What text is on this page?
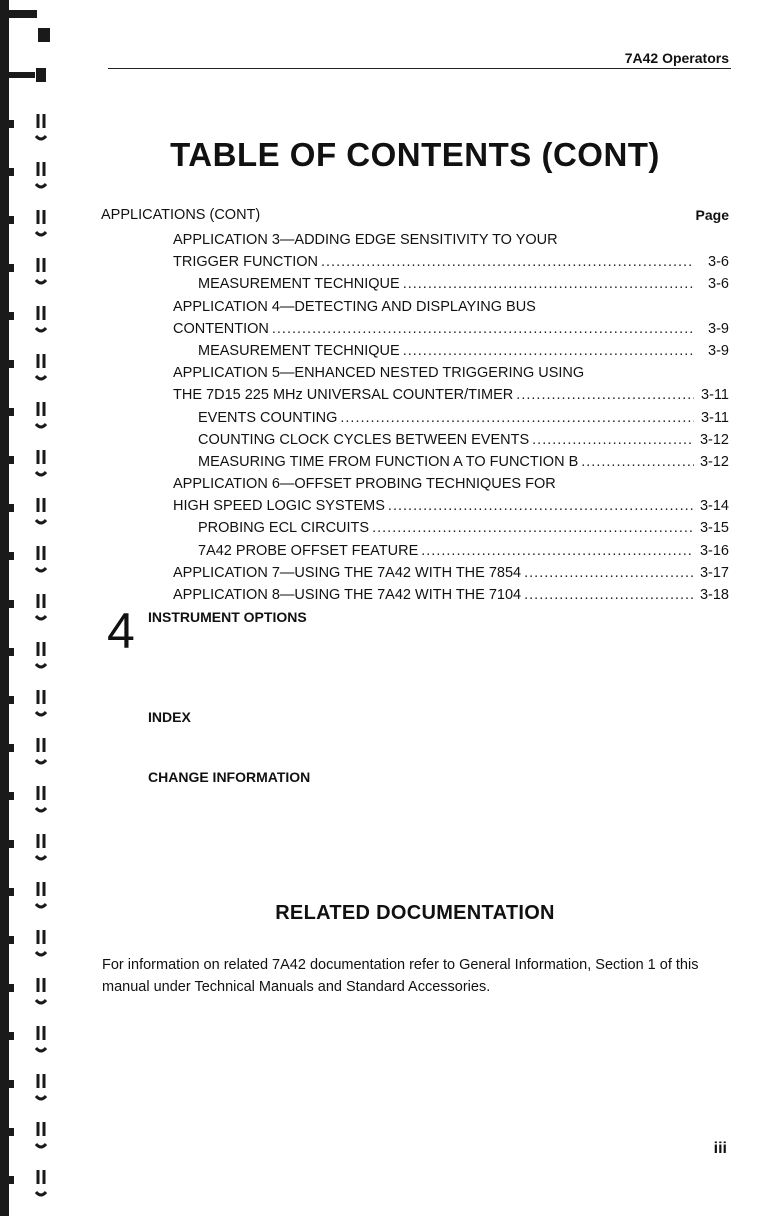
7A42 Operators
TABLE OF CONTENTS (CONT)
APPLICATIONS (CONT)	Page
APPLICATION 3—ADDING EDGE SENSITIVITY TO YOUR
TRIGGER FUNCTION .....	3-6
MEASUREMENT TECHNIQUE .....	3-6
APPLICATION 4—DETECTING AND DISPLAYING BUS
CONTENTION .....	3-9
MEASUREMENT TECHNIQUE .....	3-9
APPLICATION 5—ENHANCED NESTED TRIGGERING USING
THE 7D15 225 MHz UNIVERSAL COUNTER/TIMER .....	3-11
EVENTS COUNTING .....	3-11
COUNTING CLOCK CYCLES BETWEEN EVENTS .....	3-12
MEASURING TIME FROM FUNCTION A TO FUNCTION B .....	3-12
APPLICATION 6—OFFSET PROBING TECHNIQUES FOR
HIGH SPEED LOGIC SYSTEMS .....	3-14
PROBING ECL CIRCUITS .....	3-15
7A42 PROBE OFFSET FEATURE .....	3-16
APPLICATION 7—USING THE 7A42 WITH THE 7854 .....	3-17
APPLICATION 8—USING THE 7A42 WITH THE 7104 .....	3-18
4 INSTRUMENT OPTIONS
INDEX
CHANGE INFORMATION
RELATED DOCUMENTATION
For information on related 7A42 documentation refer to General Information, Section 1 of this manual under Technical Manuals and Standard Accessories.
iii
